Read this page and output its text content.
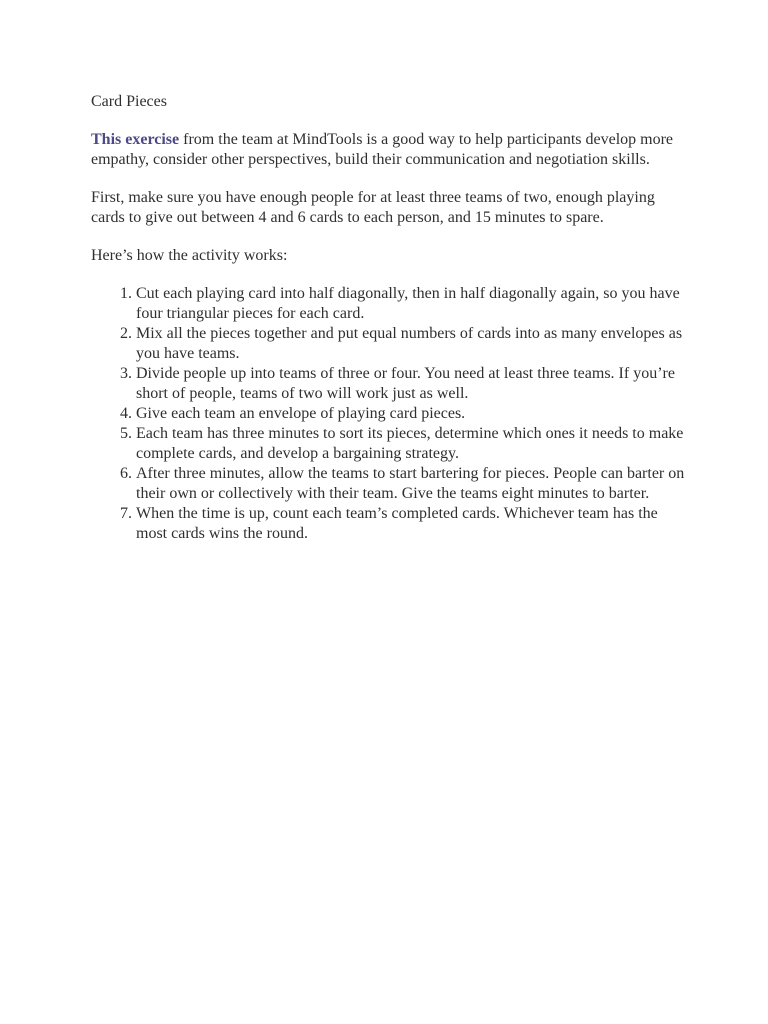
Card Pieces

This exercise from the team at MindTools is a good way to help participants develop more empathy, consider other perspectives, build their communication and negotiation skills.

First, make sure you have enough people for at least three teams of two, enough playing cards to give out between 4 and 6 cards to each person, and 15 minutes to spare.

Here’s how the activity works:

1. Cut each playing card into half diagonally, then in half diagonally again, so you have four triangular pieces for each card.
2. Mix all the pieces together and put equal numbers of cards into as many envelopes as you have teams.
3. Divide people up into teams of three or four. You need at least three teams. If you’re short of people, teams of two will work just as well.
4. Give each team an envelope of playing card pieces.
5. Each team has three minutes to sort its pieces, determine which ones it needs to make complete cards, and develop a bargaining strategy.
6. After three minutes, allow the teams to start bartering for pieces. People can barter on their own or collectively with their team. Give the teams eight minutes to barter.
7. When the time is up, count each team’s completed cards. Whichever team has the most cards wins the round.
